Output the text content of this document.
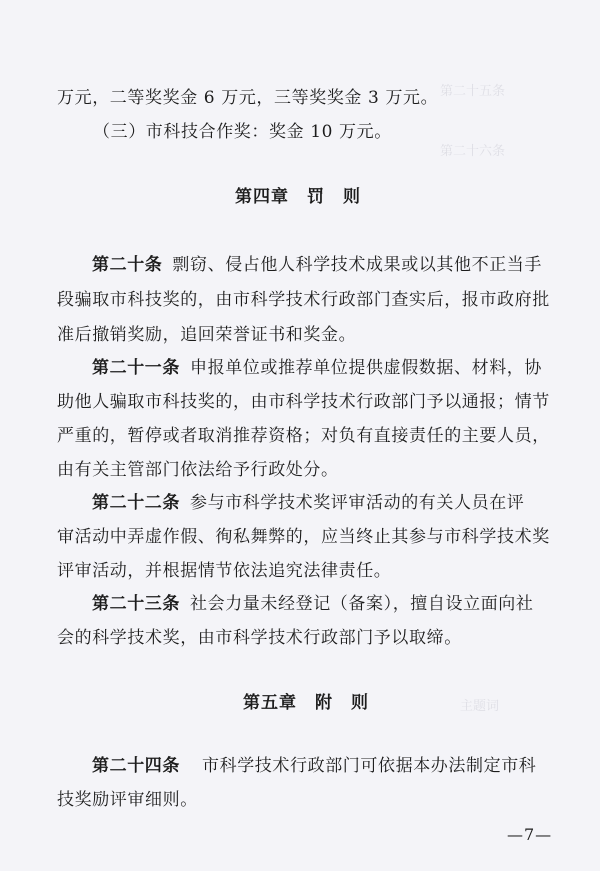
第二十五条
第二十六条
主题词
万元，二等奖奖金 6 万元，三等奖奖金 3 万元。
（三）市科技合作奖：奖金 10 万元。
第四章　罚　则
第二十条 剽窃、侵占他人科学技术成果或以其他不正当手
段骗取市科技奖的，由市科学技术行政部门查实后，报市政府批
准后撤销奖励，追回荣誉证书和奖金。
第二十一条 申报单位或推荐单位提供虚假数据、材料，协
助他人骗取市科技奖的，由市科学技术行政部门予以通报；情节
严重的，暂停或者取消推荐资格；对负有直接责任的主要人员，
由有关主管部门依法给予行政处分。
第二十二条 参与市科学技术奖评审活动的有关人员在评
审活动中弄虚作假、徇私舞弊的，应当终止其参与市科学技术奖
评审活动，并根据情节依法追究法律责任。
第二十三条 社会力量未经登记（备案），擅自设立面向社
会的科学技术奖，由市科学技术行政部门予以取缔。
第五章　附　则
第二十四条 市科学技术行政部门可依据本办法制定市科
技奖励评审细则。
—7—
